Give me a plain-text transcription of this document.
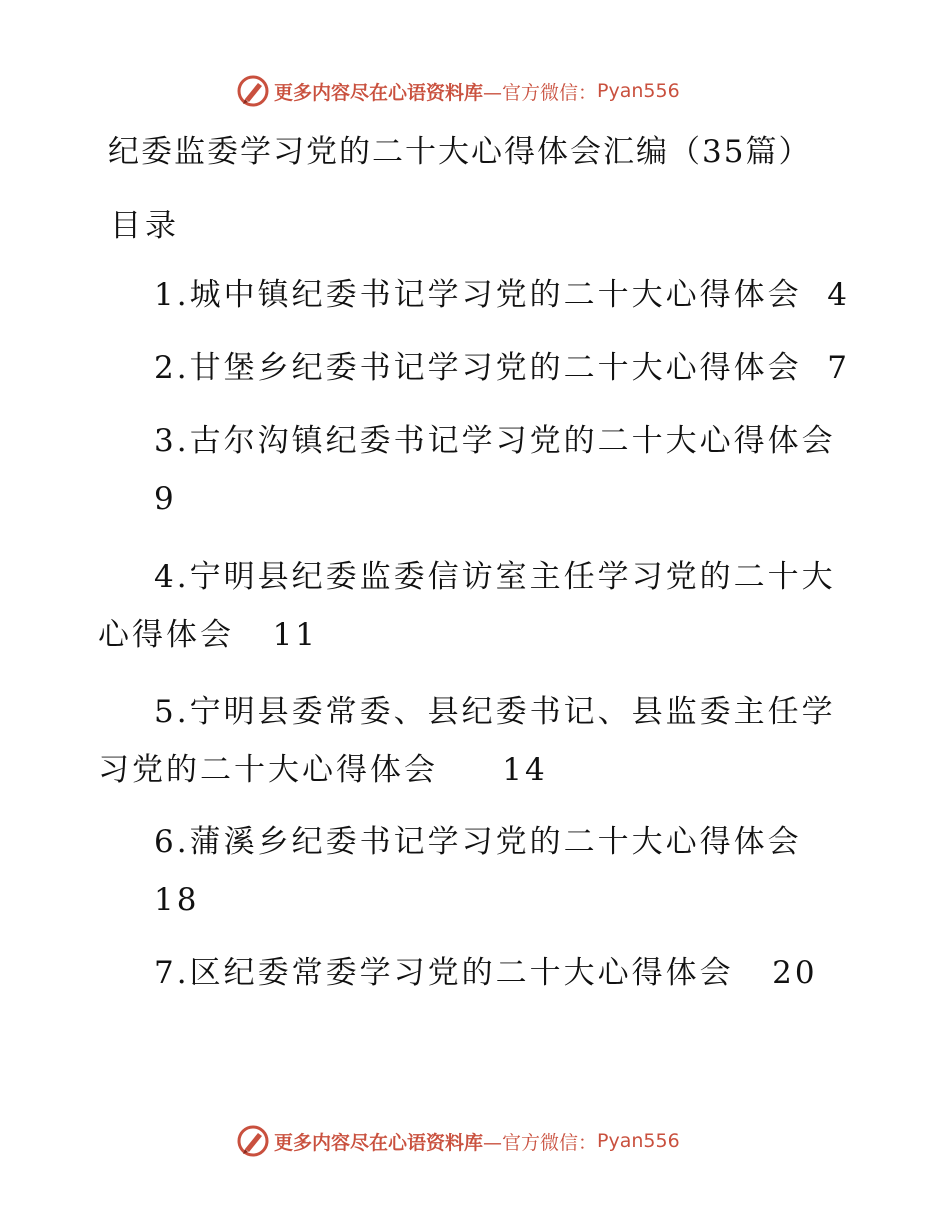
更多内容尽在心语资料库 —官方微信： Pyan556
纪委监委学习党的二十大心得体会汇编（35篇）
目录
1.城中镇纪委书记学习党的二十大心得体会 4
2.甘堡乡纪委书记学习党的二十大心得体会 7
3.古尔沟镇纪委书记学习党的二十大心得体会
9
4.宁明县纪委监委信访室主任学习党的二十大心得体会 11
5.宁明县委常委、县纪委书记、县监委主任学习党的二十大心得体会 14
6.蒲溪乡纪委书记学习党的二十大心得体会
18
7.区纪委常委学习党的二十大心得体会 20
更多内容尽在心语资料库 —官方微信： Pyan556
